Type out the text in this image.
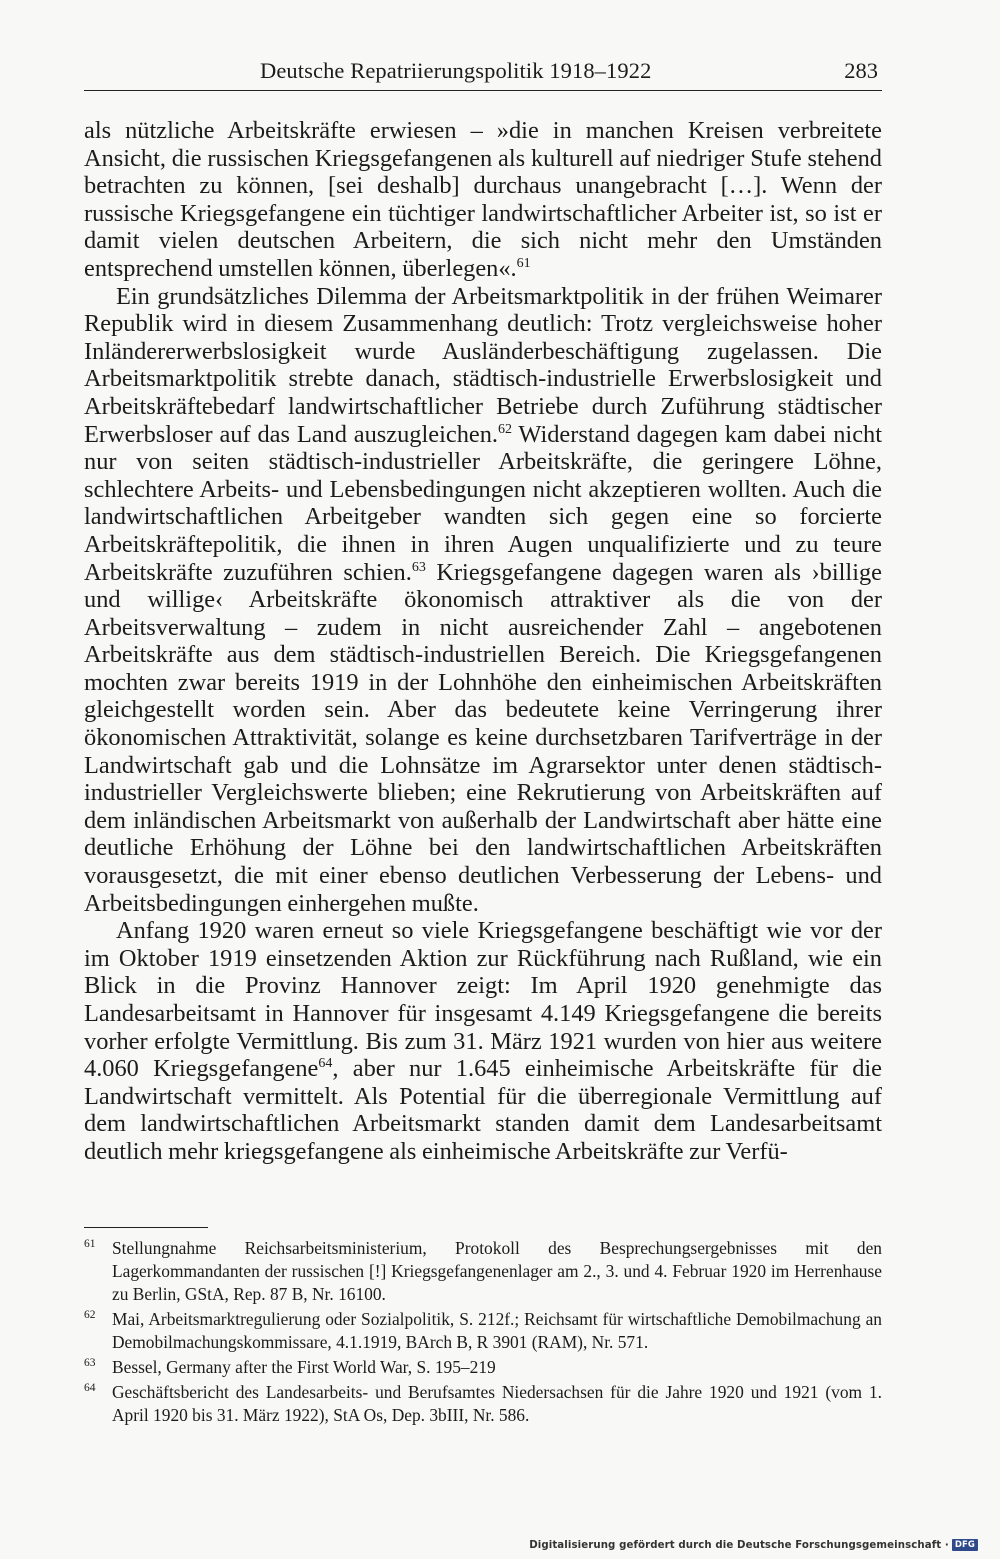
Deutsche Repatriierungspolitik 1918–1922	283

als nützliche Arbeitskräfte erwiesen – »die in manchen Kreisen verbreitete Ansicht, die russischen Kriegsgefangenen als kulturell auf niedriger Stufe stehend betrachten zu können, [sei deshalb] durchaus unangebracht […]. Wenn der russische Kriegsgefangene ein tüchtiger landwirtschaftlicher Arbeiter ist, so ist er damit vielen deutschen Arbeitern, die sich nicht mehr den Umständen entsprechend umstellen können, überlegen«.$^{61}$

Ein grundsätzliches Dilemma der Arbeitsmarktpolitik in der frühen Weimarer Republik wird in diesem Zusammenhang deutlich: Trotz vergleichsweise hoher Inländererwerbslosigkeit wurde Ausländerbeschäftigung zugelassen. Die Arbeitsmarktpolitik strebte danach, städtisch-industrielle Erwerbslosigkeit und Arbeitskräftebedarf landwirtschaftlicher Betriebe durch Zuführung städtischer Erwerbsloser auf das Land auszugleichen.$^{62}$ Widerstand dagegen kam dabei nicht nur von seiten städtisch-industrieller Arbeitskräfte, die geringere Löhne, schlechtere Arbeits- und Lebensbedingungen nicht akzeptieren wollten. Auch die landwirtschaftlichen Arbeitgeber wandten sich gegen eine so forcierte Arbeitskräftepolitik, die ihnen in ihren Augen unqualifizierte und zu teure Arbeitskräfte zuzuführen schien.$^{63}$ Kriegsgefangene dagegen waren als ›billige und willige‹ Arbeitskräfte ökonomisch attraktiver als die von der Arbeitsverwaltung – zudem in nicht ausreichender Zahl – angebotenen Arbeitskräfte aus dem städtisch-industriellen Bereich. Die Kriegsgefangenen mochten zwar bereits 1919 in der Lohnhöhe den einheimischen Arbeitskräften gleichgestellt worden sein. Aber das bedeutete keine Verringerung ihrer ökonomischen Attraktivität, solange es keine durchsetzbaren Tarifverträge in der Landwirtschaft gab und die Lohnsätze im Agrarsektor unter denen städtisch-industrieller Vergleichswerte blieben; eine Rekrutierung von Arbeitskräften auf dem inländischen Arbeitsmarkt von außerhalb der Landwirtschaft aber hätte eine deutliche Erhöhung der Löhne bei den landwirtschaftlichen Arbeitskräften vorausgesetzt, die mit einer ebenso deutlichen Verbesserung der Lebens- und Arbeitsbedingungen einhergehen mußte.

Anfang 1920 waren erneut so viele Kriegsgefangene beschäftigt wie vor der im Oktober 1919 einsetzenden Aktion zur Rückführung nach Rußland, wie ein Blick in die Provinz Hannover zeigt: Im April 1920 genehmigte das Landesarbeitsamt in Hannover für insgesamt 4.149 Kriegsgefangene die bereits vorher erfolgte Vermittlung. Bis zum 31. März 1921 wurden von hier aus weitere 4.060 Kriegsgefangene$^{64}$, aber nur 1.645 einheimische Arbeitskräfte für die Landwirtschaft vermittelt. Als Potential für die überregionale Vermittlung auf dem landwirtschaftlichen Arbeitsmarkt standen damit dem Landesarbeitsamt deutlich mehr kriegsgefangene als einheimische Arbeitskräfte zur Verfü-

61 Stellungnahme Reichsarbeitsministerium, Protokoll des Besprechungsergebnisses mit den Lagerkommandanten der russischen [!] Kriegsgefangenenlager am 2., 3. und 4. Februar 1920 im Herrenhause zu Berlin, GStA, Rep. 87 B, Nr. 16100.

62 Mai, Arbeitsmarktregulierung oder Sozialpolitik, S. 212f.; Reichsamt für wirtschaftliche Demobilmachung an Demobilmachungskommissare, 4.1.1919, BArch B, R 3901 (RAM), Nr. 571.

63 Bessel, Germany after the First World War, S. 195–219

64 Geschäftsbericht des Landesarbeits- und Berufsamtes Niedersachsen für die Jahre 1920 und 1921 (vom 1. April 1920 bis 31. März 1922), StA Os, Dep. 3bIII, Nr. 586.

Digitalisierung gefördert durch die Deutsche Forschungsgemeinschaft · DFG
